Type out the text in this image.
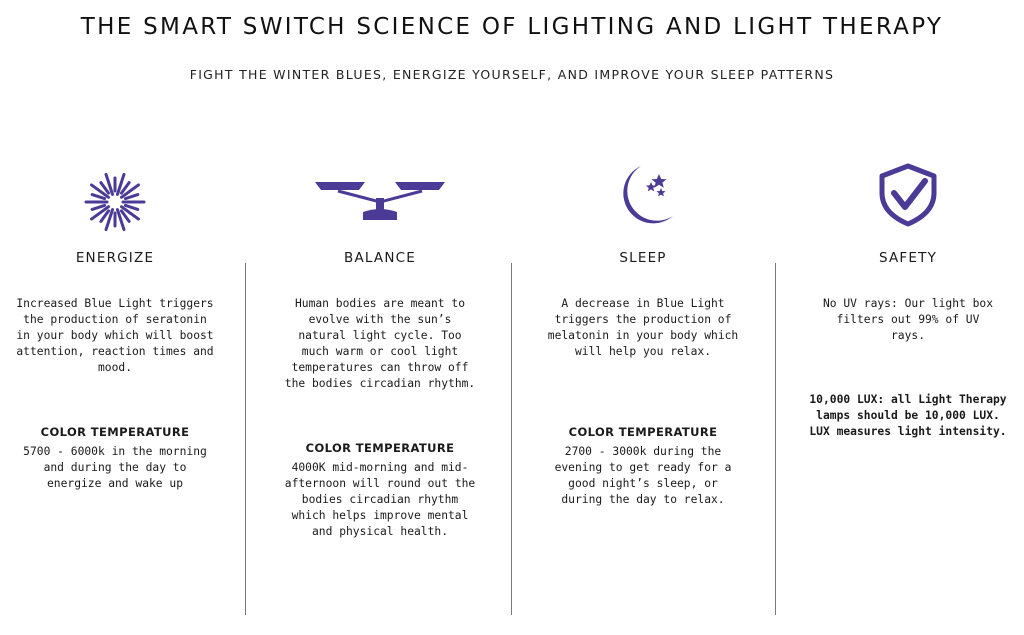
THE SMART SWITCH SCIENCE OF LIGHTING AND LIGHT THERAPY
FIGHT THE WINTER BLUES, ENERGIZE YOURSELF, AND IMPROVE YOUR SLEEP PATTERNS
ENERGIZE
Increased Blue Light triggers the production of seratonin in your body which will boost attention, reaction times and mood.
COLOR TEMPERATURE
5700 - 6000k in the morning and during the day to energize and wake up
BALANCE
Human bodies are meant to evolve with the sun’s natural light cycle. Too much warm or cool light temperatures can throw off the bodies circadian rhythm.
COLOR TEMPERATURE
4000K mid-morning and mid-afternoon will round out the bodies circadian rhythm which helps improve mental and physical health.
SLEEP
A decrease in Blue Light triggers the production of melatonin in your body which will help you relax.
COLOR TEMPERATURE
2700 - 3000k during the evening to get ready for a good night’s sleep, or during the day to relax.
SAFETY
No UV rays: Our light box filters out 99% of UV rays.
10,000 LUX: all Light Therapy lamps should be 10,000 LUX. LUX measures light intensity.
